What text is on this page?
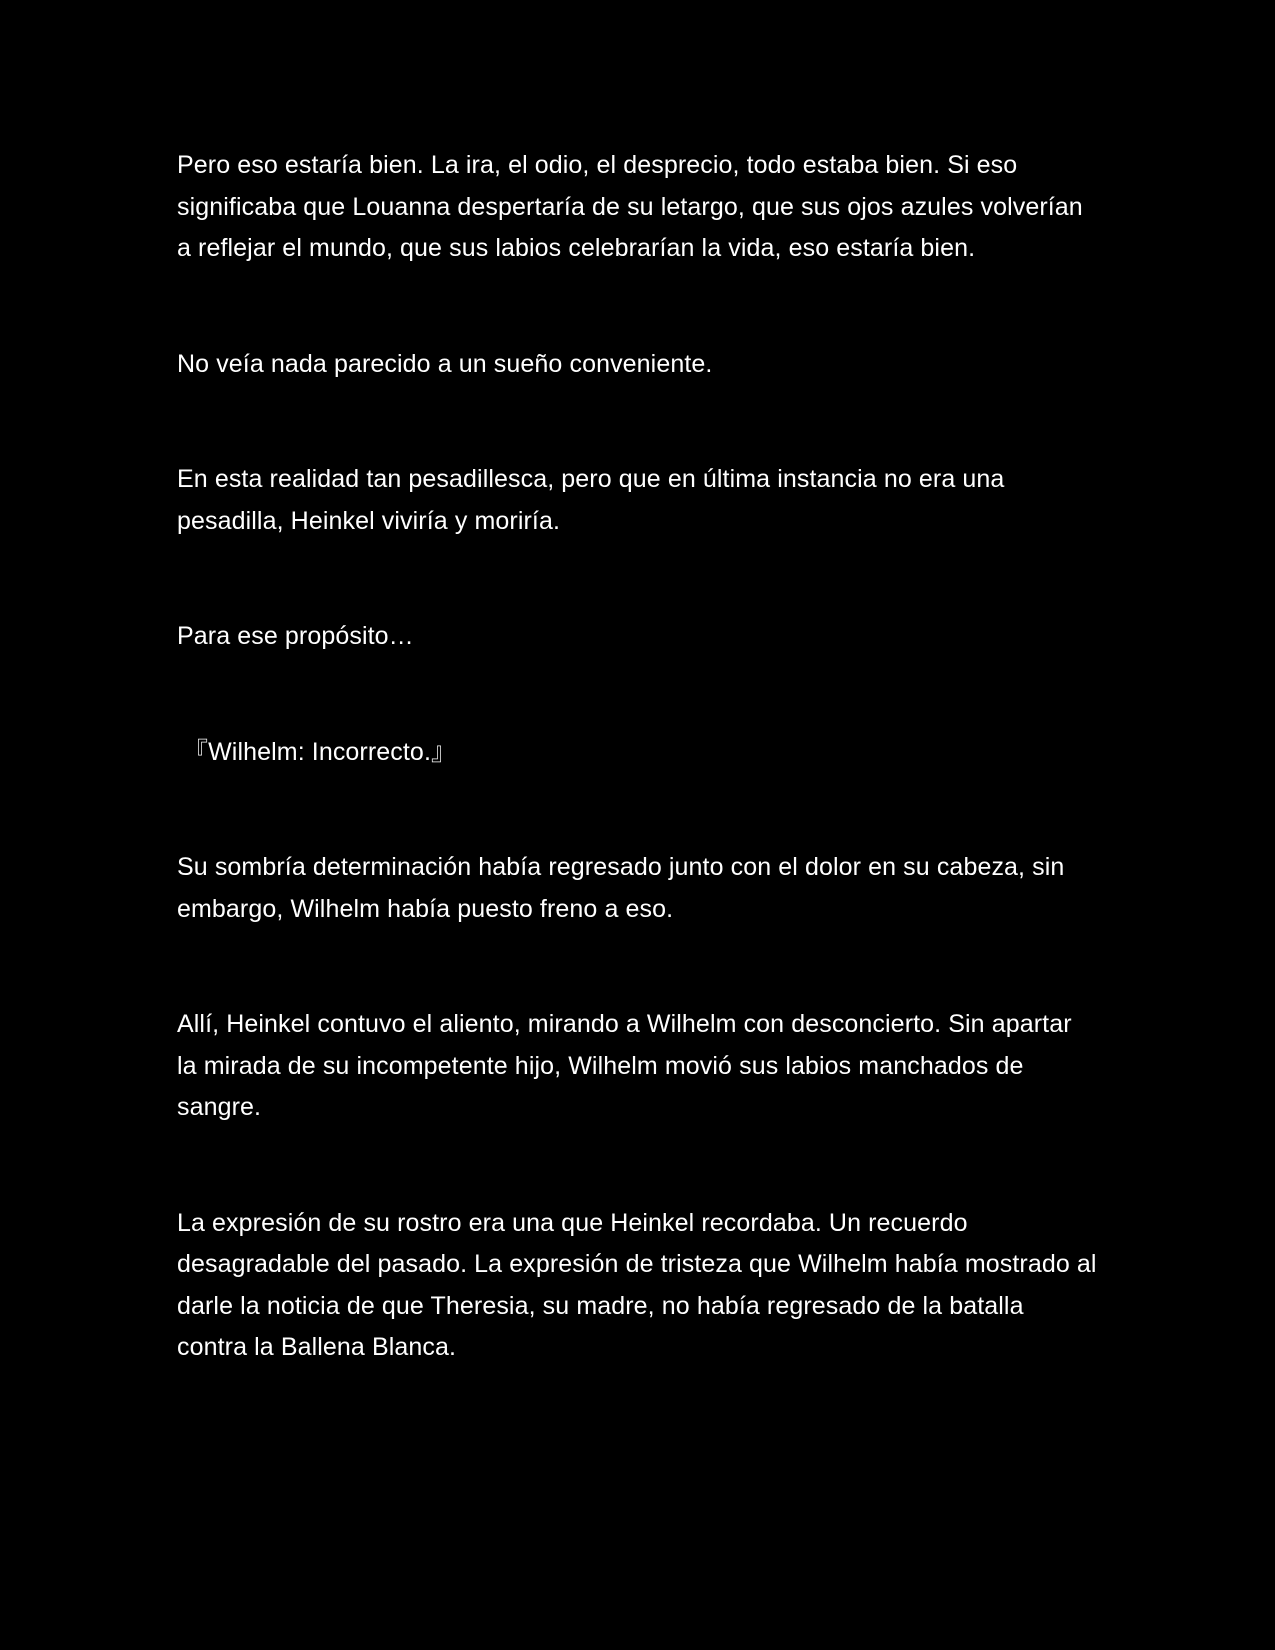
Pero eso estaría bien. La ira, el odio, el desprecio, todo estaba bien. Si eso significaba que Louanna despertaría de su letargo, que sus ojos azules volverían a reflejar el mundo, que sus labios celebrarían la vida, eso estaría bien.

No veía nada parecido a un sueño conveniente.

En esta realidad tan pesadillesca, pero que en última instancia no era una pesadilla, Heinkel viviría y moriría.

Para ese propósito…

『Wilhelm: Incorrecto.』

Su sombría determinación había regresado junto con el dolor en su cabeza, sin embargo, Wilhelm había puesto freno a eso.

Allí, Heinkel contuvo el aliento, mirando a Wilhelm con desconcierto. Sin apartar la mirada de su incompetente hijo, Wilhelm movió sus labios manchados de sangre.

La expresión de su rostro era una que Heinkel recordaba. Un recuerdo desagradable del pasado. La expresión de tristeza que Wilhelm había mostrado al darle la noticia de que Theresia, su madre, no había regresado de la batalla contra la Ballena Blanca.
